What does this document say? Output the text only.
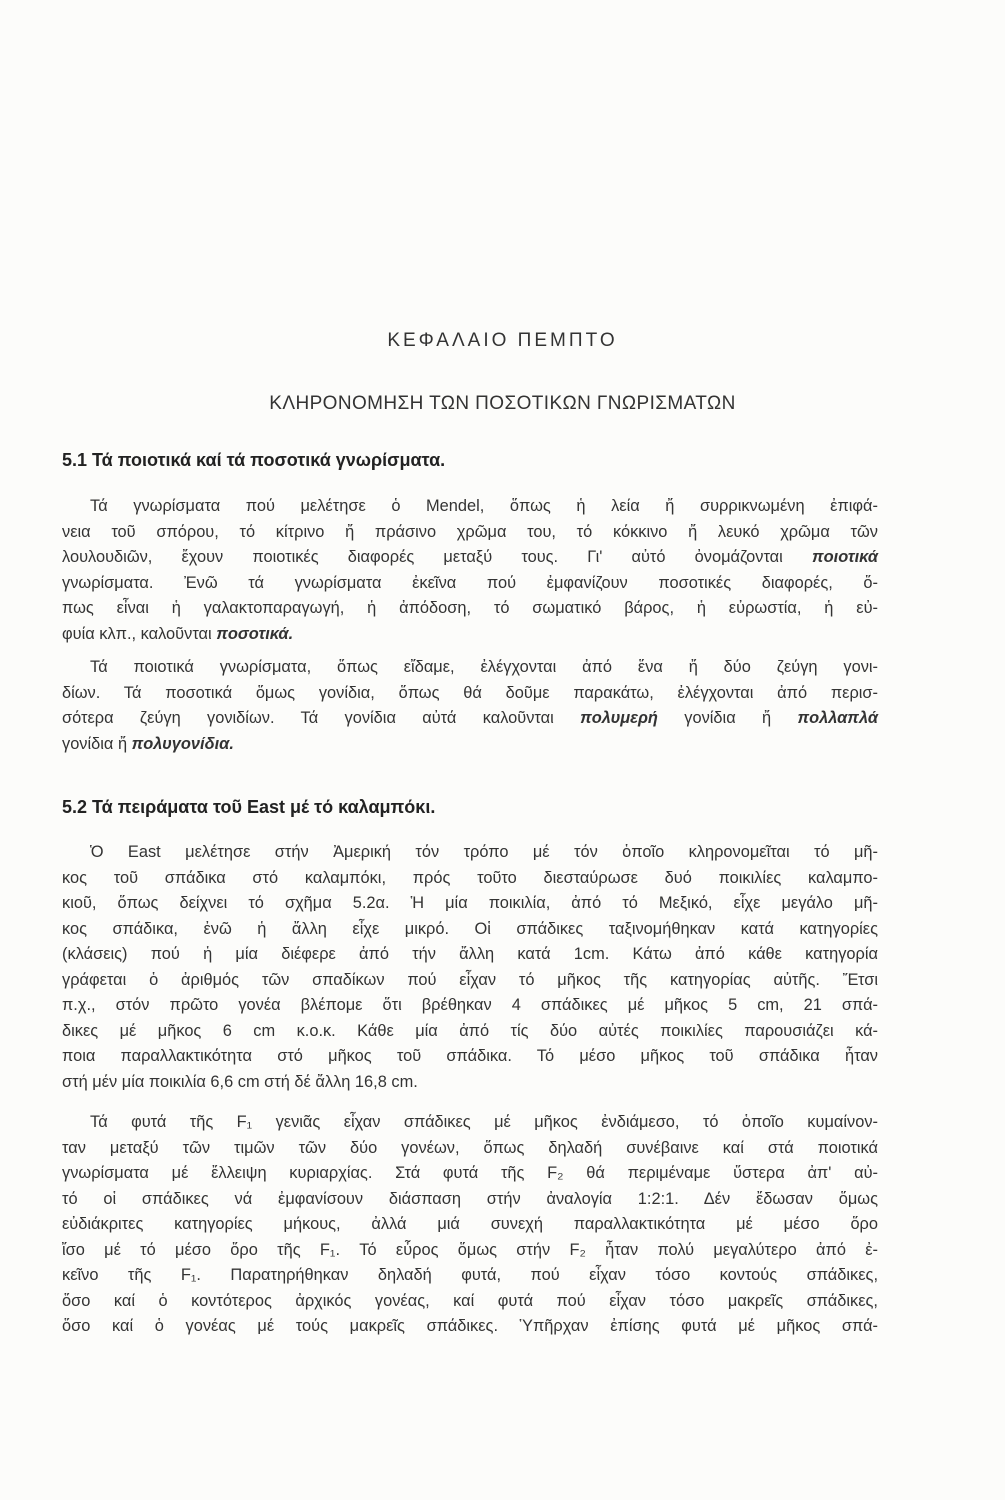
ΚΕΦΑΛΑΙΟ ΠΕΜΠΤΟ
ΚΛΗΡΟΝΟΜΗΣΗ ΤΩΝ ΠΟΣΟΤΙΚΩΝ ΓΝΩΡΙΣΜΑΤΩΝ
5.1 Τά ποιοτικά καί τά ποσοτικά γνωρίσματα.

Τά γνωρίσματα πού μελέτησε ὁ Mendel, ὅπως ἡ λεία ἤ συρρικνωμένη ἐπιφά-
νεια τοῦ σπόρου, τό κίτρινο ἤ πράσινο χρῶμα του, τό κόκκινο ἤ λευκό χρῶμα τῶν
λουλουδιῶν, ἔχουν ποιοτικές διαφορές μεταξύ τους. Γι' αὐτό ὀνομάζονται ποιοτικά
γνωρίσματα. Ἐνῶ τά γνωρίσματα ἐκεῖνα πού ἐμφανίζουν ποσοτικές διαφορές, ὅ-
πως εἶναι ἡ γαλακτοπαραγωγή, ἡ ἀπόδοση, τό σωματικό βάρος, ἡ εὐρωστία, ἡ εὐ-
φυία κλπ., καλοῦνται ποσοτικά.

Τά ποιοτικά γνωρίσματα, ὅπως εἴδαμε, ἐλέγχονται ἀπό ἕνα ἤ δύο ζεύγη γονι-
δίων. Τά ποσοτικά ὅμως γονίδια, ὅπως θά δοῦμε παρακάτω, ἐλέγχονται ἀπό περισ-
σότερα ζεύγη γονιδίων. Τά γονίδια αὐτά καλοῦνται πολυμερή γονίδια ἤ πολλαπλά
γονίδια ἤ πολυγονίδια.

5.2 Τά πειράματα τοῦ East μέ τό καλαμπόκι.

Ὁ East μελέτησε στήν Ἀμερική τόν τρόπο μέ τόν ὁποῖο κληρονομεῖται τό μῆ-
κος τοῦ σπάδικα στό καλαμπόκι, πρός τοῦτο διεσταύρωσε δυό ποικιλίες καλαμπο-
κιοῦ, ὅπως δείχνει τό σχῆμα 5.2α. Ἡ μία ποικιλία, ἀπό τό Μεξικό, εἶχε μεγάλο μῆ-
κος σπάδικα, ἐνῶ ἡ ἄλλη εἶχε μικρό. Οἱ σπάδικες ταξινομήθηκαν κατά κατηγορίες
(κλάσεις) πού ἡ μία διέφερε ἀπό τήν ἄλλη κατά 1cm. Κάτω ἀπό κάθε κατηγορία
γράφεται ὁ ἀριθμός τῶν σπαδίκων πού εἶχαν τό μῆκος τῆς κατηγορίας αὐτῆς. Ἔτσι
π.χ., στόν πρῶτο γονέα βλέπομε ὅτι βρέθηκαν 4 σπάδικες μέ μῆκος 5 cm, 21 σπά-
δικες μέ μῆκος 6 cm κ.ο.κ. Κάθε μία ἀπό τίς δύο αὐτές ποικιλίες παρουσιάζει κά-
ποια παραλλακτικότητα στό μῆκος τοῦ σπάδικα. Τό μέσο μῆκος τοῦ σπάδικα ἦταν
στή μέν μία ποικιλία 6,6 cm στή δέ ἄλλη 16,8 cm.

Τά φυτά τῆς F₁ γενιᾶς εἶχαν σπάδικες μέ μῆκος ἐνδιάμεσο, τό ὁποῖο κυμαίνον-
ταν μεταξύ τῶν τιμῶν τῶν δύο γονέων, ὅπως δηλαδή συνέβαινε καί στά ποιοτικά
γνωρίσματα μέ ἔλλειψη κυριαρχίας. Στά φυτά τῆς F₂ θά περιμέναμε ὕστερα ἀπ' αὐ-
τό οἱ σπάδικες νά ἐμφανίσουν διάσπαση στήν ἀναλογία 1:2:1. Δέν ἔδωσαν ὅμως
εὐδιάκριτες κατηγορίες μήκους, ἀλλά μιά συνεχή παραλλακτικότητα μέ μέσο ὅρο
ἴσο μέ τό μέσο ὅρο τῆς F₁. Τό εὖρος ὅμως στήν F₂ ἦταν πολύ μεγαλύτερο ἀπό ἐ-
κεῖνο τῆς F₁. Παρατηρήθηκαν δηλαδή φυτά, πού εἶχαν τόσο κοντούς σπάδικες,
ὅσο καί ὁ κοντότερος ἀρχικός γονέας, καί φυτά πού εἶχαν τόσο μακρεῖς σπάδικες,
ὅσο καί ὁ γονέας μέ τούς μακρεῖς σπάδικες. Ὑπῆρχαν ἐπίσης φυτά μέ μῆκος σπά-
